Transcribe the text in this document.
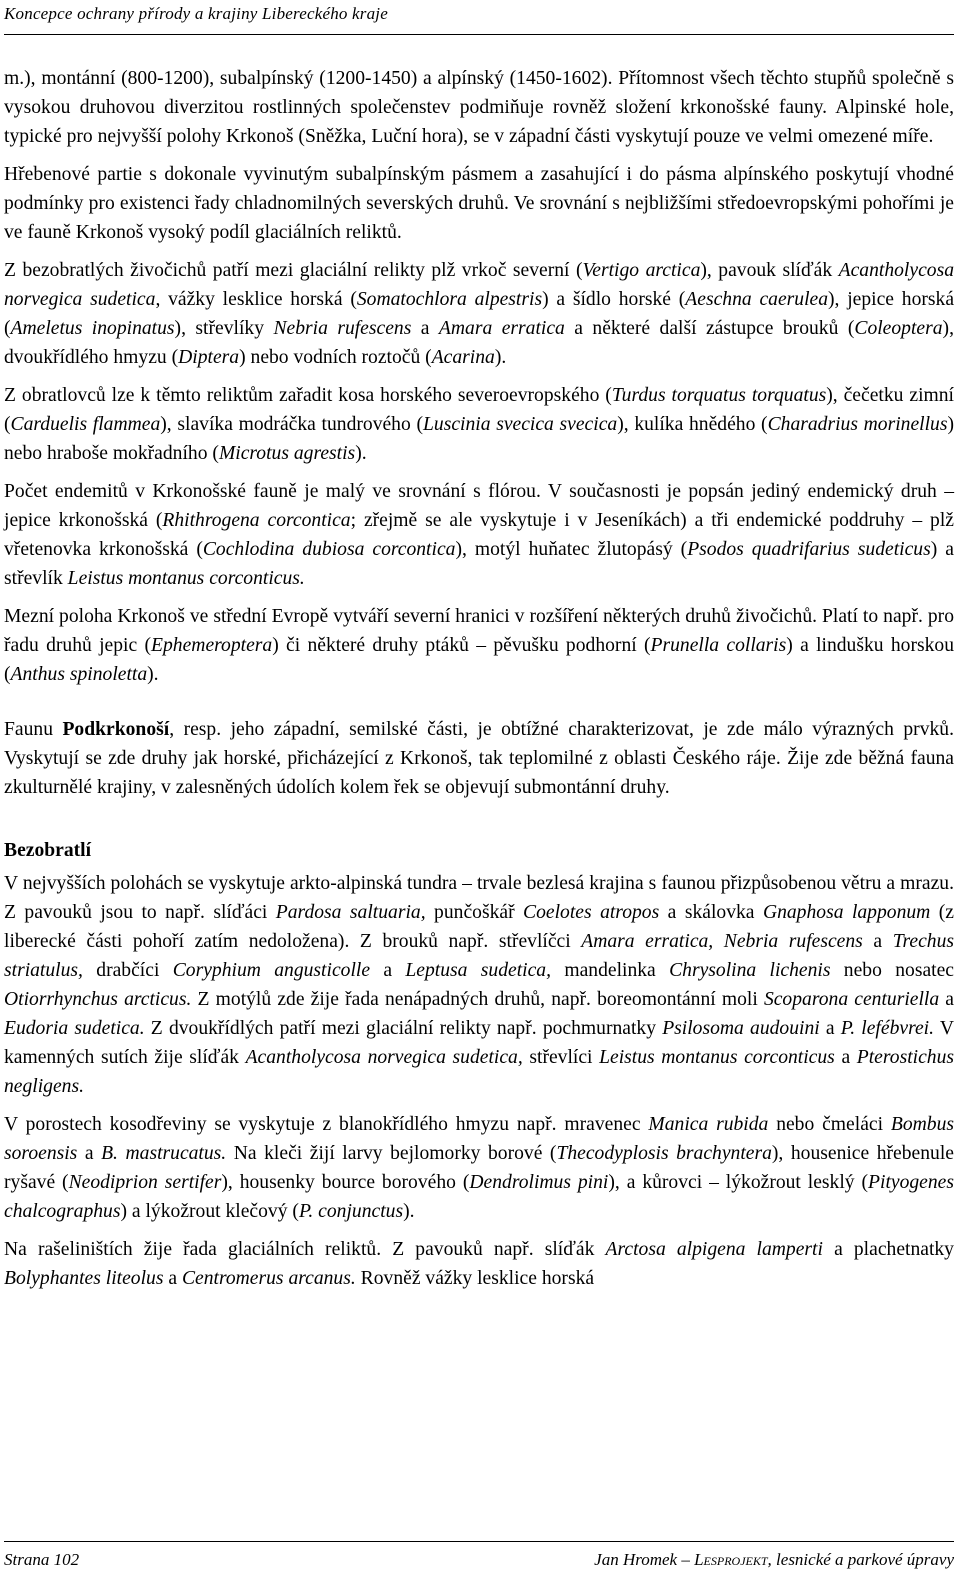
Koncepce ochrany přírody a krajiny Libereckého kraje

m.), montánní (800-1200), subalpínský (1200-1450) a alpínský (1450-1602). Přítomnost všech těchto stupňů společně s vysokou druhovou diverzitou rostlinných společenstev podmiňuje rovněž složení krkonošské fauny. Alpinské hole, typické pro nejvyšší polohy Krkonoš (Sněžka, Luční hora), se v západní části vyskytují pouze ve velmi omezené míře.

Hřebenové partie s dokonale vyvinutým subalpínským pásmem a zasahující i do pásma alpínského poskytují vhodné podmínky pro existenci řady chladnomilných severských druhů. Ve srovnání s nejbližšími středoevropskými pohořími je ve fauně Krkonoš vysoký podíl glaciálních reliktů.

Z bezobratlých živočichů patří mezi glaciální relikty plž vrkoč severní (Vertigo arctica), pavouk slíďák Acantholycosa norvegica sudetica, vážky lesklice horská (Somatochlora alpestris) a šídlo horské (Aeschna caerulea), jepice horská (Ameletus inopinatus), střevlíky Nebria rufescens a Amara erratica a některé další zástupce brouků (Coleoptera), dvoukřídlého hmyzu (Diptera) nebo vodních roztočů (Acarina).

Z obratlovců lze k těmto reliktům zařadit kosa horského severoevropského (Turdus torquatus torquatus), čečetku zimní (Carduelis flammea), slavíka modráčka tundrového (Luscinia svecica svecica), kulíka hnědého (Charadrius morinellus) nebo hraboše mokřadního (Microtus agrestis).

Počet endemitů v Krkonošské fauně je malý ve srovnání s flórou. V současnosti je popsán jediný endemický druh – jepice krkonošská (Rhithrogena corcontica; zřejmě se ale vyskytuje i v Jeseníkách) a tři endemické poddruhy – plž vřetenovka krkonošská (Cochlodina dubiosa corcontica), motýl huňatec žlutopásý (Psodos quadrifarius sudeticus) a střevlík Leistus montanus corconticus.

Mezní poloha Krkonoš ve střední Evropě vytváří severní hranici v rozšíření některých druhů živočichů. Platí to např. pro řadu druhů jepic (Ephemeroptera) či některé druhy ptáků – pěvušku podhorní (Prunella collaris) a lindušku horskou (Anthus spinoletta).

Faunu Podkrkonoší, resp. jeho západní, semilské části, je obtížné charakterizovat, je zde málo výrazných prvků. Vyskytují se zde druhy jak horské, přicházející z Krkonoš, tak teplomilné z oblasti Českého ráje. Žije zde běžná fauna zkulturnělé krajiny, v zalesněných údolích kolem řek se objevují submontánní druhy.

Bezobratlí

V nejvyšších polohách se vyskytuje arkto-alpinská tundra – trvale bezlesá krajina s faunou přizpůsobenou větru a mrazu. Z pavouků jsou to např. slíďáci Pardosa saltuaria, punčoškář Coelotes atropos a skálovka Gnaphosa lapponum (z liberecké části pohoří zatím nedoložena). Z brouků např. střevlíčci Amara erratica, Nebria rufescens a Trechus striatulus, drabčíci Coryphium angusticolle a Leptusa sudetica, mandelinka Chrysolina lichenis nebo nosatec Otiorrhynchus arcticus. Z motýlů zde žije řada nenápadných druhů, např. boreomontánní moli Scoparona centuriella a Eudoria sudetica. Z dvoukřídlých patří mezi glaciální relikty např. pochmurnatky Psilosoma audouini a P. lefébvrei. V kamenných sutích žije slíďák Acantholycosa norvegica sudetica, střevlíci Leistus montanus corconticus a Pterostichus negligens.

V porostech kosodřeviny se vyskytuje z blanokřídlého hmyzu např. mravenec Manica rubida nebo čmeláci Bombus soroensis a B. mastrucatus. Na kleči žijí larvy bejlomorky borové (Thecodyplosis brachyntera), housenice hřebenule ryšavé (Neodiprion sertifer), housenky bource borového (Dendrolimus pini), a kůrovci – lýkožrout lesklý (Pityogenes chalcographus) a lýkožrout klečový (P. conjunctus).

Na rašeliništích žije řada glaciálních reliktů. Z pavouků např. slíďák Arctosa alpigena lamperti a plachetnatky Bolyphantes liteolus a Centromerus arcanus. Rovněž vážky lesklice horská

Strana 102	Jan Hromek – Lesprojekt, lesnické a parkové úpravy
